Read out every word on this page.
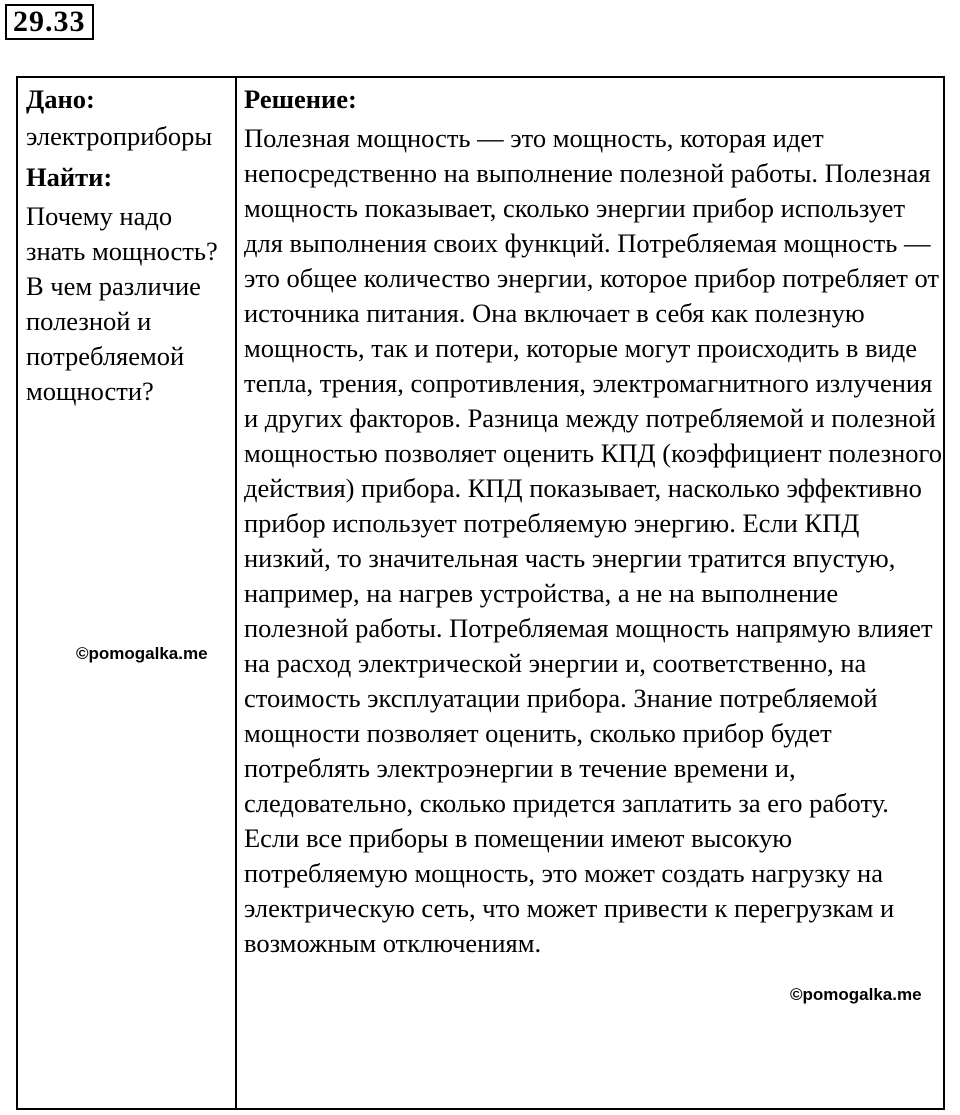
29.33
Дано:
электроприборы
Найти:
Почему надо знать мощность? В чем различие полезной и потребляемой мощности?
Решение:
Полезная мощность — это мощность, которая идет непосредственно на выполнение полезной работы. Полезная мощность показывает, сколько энергии прибор использует для выполнения своих функций. Потребляемая мощность — это общее количество энергии, которое прибор потребляет от источника питания. Она включает в себя как полезную мощность, так и потери, которые могут происходить в виде тепла, трения, сопротивления, электромагнитного излучения и других факторов. Разница между потребляемой и полезной мощностью позволяет оценить КПД (коэффициент полезного действия) прибора. КПД показывает, насколько эффективно прибор использует потребляемую энергию. Если КПД низкий, то значительная часть энергии тратится впустую, например, на нагрев устройства, а не на выполнение полезной работы. Потребляемая мощность напрямую влияет на расход электрической энергии и, соответственно, на стоимость эксплуатации прибора. Знание потребляемой мощности позволяет оценить, сколько прибор будет потреблять электроэнергии в течение времени и, следовательно, сколько придется заплатить за его работу. Если все приборы в помещении имеют высокую потребляемую мощность, это может создать нагрузку на электрическую сеть, что может привести к перегрузкам и возможным отключениям.
©pomogalka.me
©pomogalka.me
